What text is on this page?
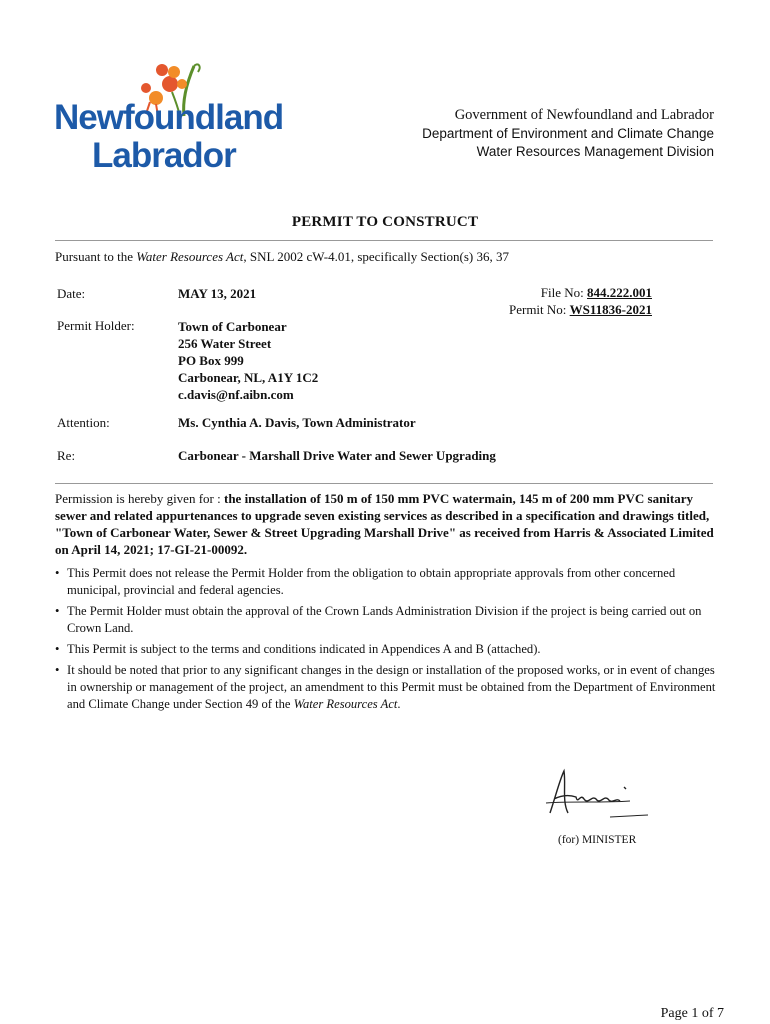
Newfoundland
Labrador
Government of Newfoundland and Labrador
Department of Environment and Climate Change
Water Resources Management Division
PERMIT TO CONSTRUCT
Pursuant to the Water Resources Act, SNL 2002 cW-4.01, specifically Section(s) 36, 37
Date:	MAY 13, 2021	File No: 844.222.001
Permit No: WS11836-2021
Permit Holder:	Town of Carbonear
256 Water Street
PO Box 999
Carbonear, NL, A1Y 1C2
c.davis@nf.aibn.com
Attention:	Ms. Cynthia A. Davis, Town Administrator
Re:	Carbonear - Marshall Drive Water and Sewer Upgrading
Permission is hereby given for : the installation of 150 m of 150 mm PVC watermain, 145 m of 200 mm PVC sanitary sewer and related appurtenances to upgrade seven existing services as described in a specification and drawings titled, "Town of Carbonear Water, Sewer & Street Upgrading Marshall Drive" as received from Harris & Associated Limited on April 14, 2021; 17-GI-21-00092.
• This Permit does not release the Permit Holder from the obligation to obtain appropriate approvals from other concerned municipal, provincial and federal agencies.
• The Permit Holder must obtain the approval of the Crown Lands Administration Division if the project is being carried out on Crown Land.
• This Permit is subject to the terms and conditions indicated in Appendices A and B (attached).
• It should be noted that prior to any significant changes in the design or installation of the proposed works, or in event of changes in ownership or management of the project, an amendment to this Permit must be obtained from the Department of Environment and Climate Change under Section 49 of the Water Resources Act.
(for) MINISTER
Page 1 of 7
